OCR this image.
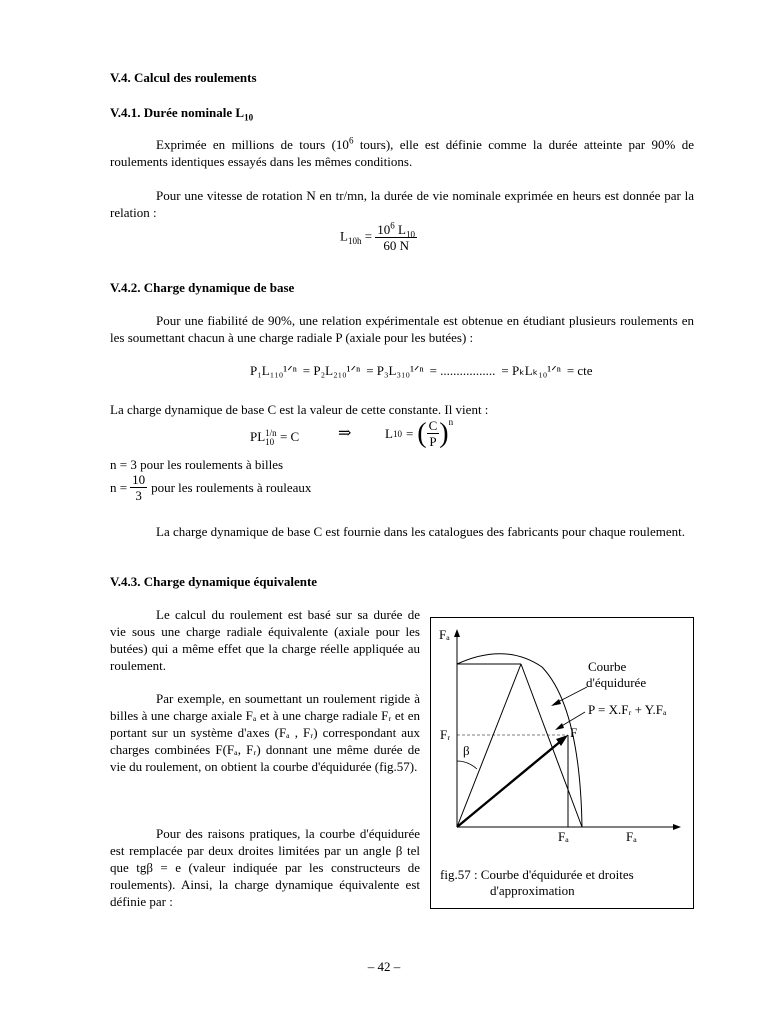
V.4. Calcul des roulements
V.4.1. Durée nominale $L_{10}$

Exprimée en millions de tours ($10^6$ tours), elle est définie comme la durée atteinte par 90% de roulements identiques essayés dans les mêmes conditions.

Pour une vitesse de rotation N en tr/mn, la durée de vie nominale exprimée en heurs est donnée par la relation :

$L_{10h} = \frac{10^6 L_{10}}{60 N}$
V.4.2. Charge dynamique de base

Pour une fiabilité de 90%, une relation expérimentale est obtenue en étudiant plusieurs roulements en les soumettant chacun à une charge radiale P (axiale pour les butées) :

P₁L₁₁₀¹ᐟⁿ = P₂L₂₁₀¹ᐟⁿ = P₃L₃₁₀¹ᐟⁿ = ................. = PₖLₖ₁₀¹ᐟⁿ = cte

La charge dynamique de base C est la valeur de cette constante. Il vient :

PL 1/n
10 = C ⇒	L 10 = ( $\frac{C}{P} )^n$
n = 3 pour les roulements à billes
$n = \frac{10}{3}$ pour les roulements à rouleaux

La charge dynamique de base C est fournie dans les catalogues des fabricants pour chaque roulement.

V.4.3. Charge dynamique équivalente

Le calcul du roulement est basé sur sa durée de vie sous une charge radiale équivalente (axiale pour les butées) qui a même effet que la charge réelle appliquée au roulement.

Par exemple, en soumettant un roulement rigide à billes à une charge axiale Fₐ et à une charge radiale Fᵣ et en portant sur un système d'axes (Fₐ , Fᵣ) correspondant aux charges combinées F(Fₐ, Fᵣ) donnant une même durée de vie du roulement, on obtient la courbe d'équidurée (fig.57).

Pour des raisons pratiques, la courbe d'équidurée est remplacée par deux droites limitées par un angle β tel que tgβ = e (valeur indiquée par les constructeurs de roulements). Ainsi, la charge dynamique équivalente est définie par :

Fₐ
Fᵣ
β
F
Fₐ	Fₐ
Courbe
d'équidurée
P = X.Fᵣ + Y.Fₐ
fig.57 : Courbe d'équidurée et droites
d'approximation
– 42 –
